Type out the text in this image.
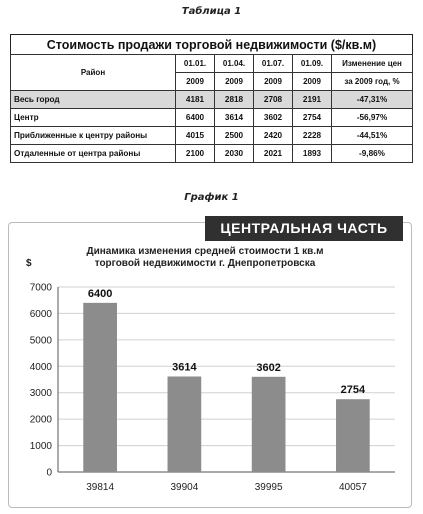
Таблица 1
Стоимость продажи торговой недвижимости ($/кв.м)
Район	01.01.	01.04.	01.07.	01.09.	Изменение цен
	2009	2009	2009	2009	за 2009 год, %
Весь город	4181	2818	2708	2191	-47,31%
Центр	6400	3614	3602	2754	-56,97%
Приближенные к центру районы	4015	2500	2420	2228	-44,51%
Отдаленные от центра районы	2100	2030	2021	1893	-9,86%
График 1
ЦЕНТРАЛЬНАЯ ЧАСТЬ
Динамика изменения средней стоимости 1 кв.м
торговой недвижимости г. Днепропетровска
$
0
1000
2000
3000
4000
5000
6000
7000	6400
39814
3614
39904
3602
39995
2754
40057
